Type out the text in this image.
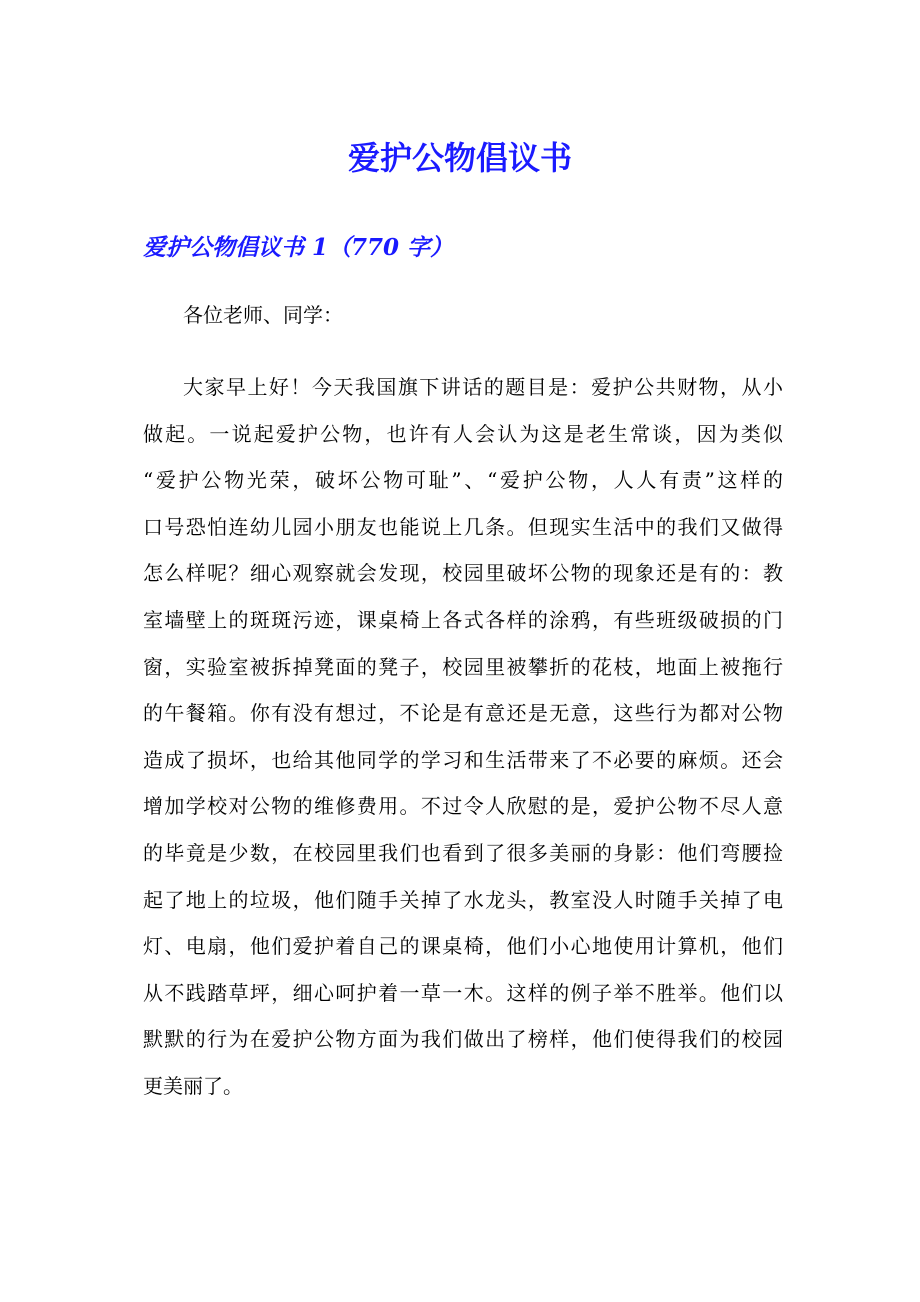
爱护公物倡议书
爱护公物倡议书 1（770 字）

各位老师、同学：

大家早上好！今天我国旗下讲话的题目是：爱护公共财物，从小
做起。一说起爱护公物，也许有人会认为这是老生常谈，因为类似
“爱护公物光荣，破坏公物可耻”、“爱护公物，人人有责”这样的
口号恐怕连幼儿园小朋友也能说上几条。但现实生活中的我们又做得
怎么样呢？细心观察就会发现，校园里破坏公物的现象还是有的：教
室墙壁上的斑斑污迹，课桌椅上各式各样的涂鸦，有些班级破损的门
窗，实验室被拆掉凳面的凳子，校园里被攀折的花枝，地面上被拖行
的午餐箱。你有没有想过，不论是有意还是无意，这些行为都对公物
造成了损坏，也给其他同学的学习和生活带来了不必要的麻烦。还会
增加学校对公物的维修费用。不过令人欣慰的是，爱护公物不尽人意
的毕竟是少数，在校园里我们也看到了很多美丽的身影：他们弯腰捡
起了地上的垃圾，他们随手关掉了水龙头，教室没人时随手关掉了电
灯、电扇，他们爱护着自己的课桌椅，他们小心地使用计算机，他们
从不践踏草坪，细心呵护着一草一木。这样的例子举不胜举。他们以
默默的行为在爱护公物方面为我们做出了榜样，他们使得我们的校园
更美丽了。
